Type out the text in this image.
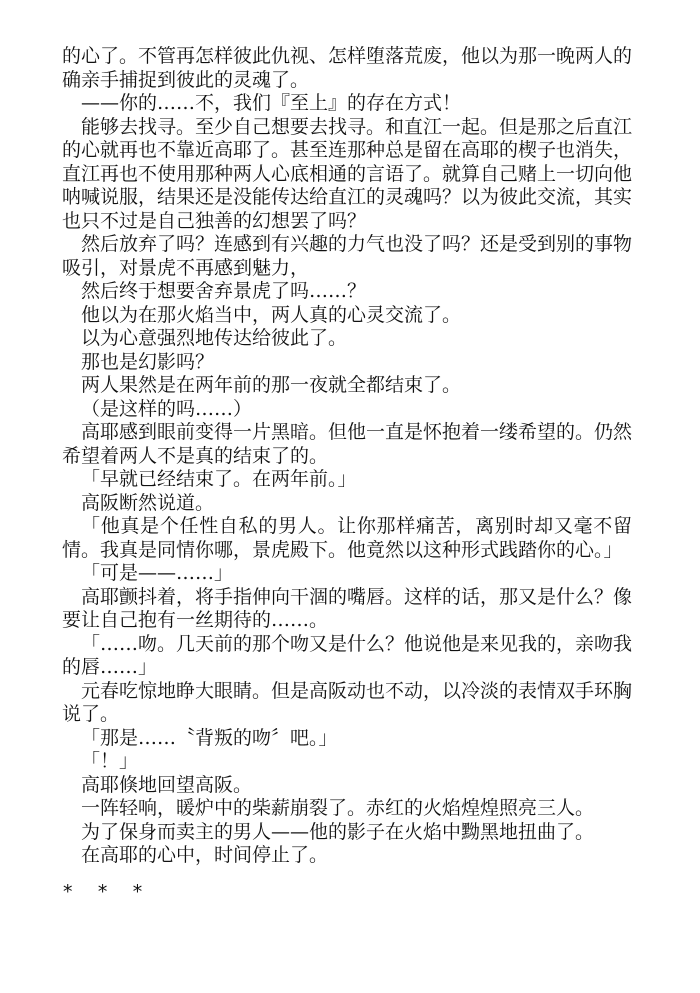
的心了。不管再怎样彼此仇视、怎样堕落荒废，他以为那一晚两人的确亲手捕捉到彼此的灵魂了。

——你的……不，我们『至上』的存在方式！

能够去找寻。至少自己想要去找寻。和直江一起。但是那之后直江的心就再也不靠近高耶了。甚至连那种总是留在高耶的楔子也消失，直江再也不使用那种两人心底相通的言语了。就算自己赌上一切向他呐喊说服，结果还是没能传达给直江的灵魂吗？以为彼此交流，其实也只不过是自己独善的幻想罢了吗？

然后放弃了吗？连感到有兴趣的力气也没了吗？还是受到别的事物吸引，对景虎不再感到魅力，

然后终于想要舍弃景虎了吗……？

他以为在那火焰当中，两人真的心灵交流了。

以为心意强烈地传达给彼此了。

那也是幻影吗？

两人果然是在两年前的那一夜就全都结束了。

（是这样的吗……）

高耶感到眼前变得一片黑暗。但他一直是怀抱着一缕希望的。仍然希望着两人不是真的结束了的。

「早就已经结束了。在两年前。」

高阪断然说道。

「他真是个任性自私的男人。让你那样痛苦，离别时却又毫不留情。我真是同情你哪，景虎殿下。他竟然以这种形式践踏你的心。」

「可是——……」

高耶颤抖着，将手指伸向干涸的嘴唇。这样的话，那又是什么？像要让自己抱有一丝期待的……。

「……吻。几天前的那个吻又是什么？他说他是来见我的，亲吻我的唇……」

元春吃惊地睁大眼睛。但是高阪动也不动，以冷淡的表情双手环胸说了。

「那是……〝背叛的吻〞吧。」

「！」

高耶倏地回望高阪。

一阵轻响，暖炉中的柴薪崩裂了。赤红的火焰煌煌照亮三人。

为了保身而卖主的男人——他的影子在火焰中黝黑地扭曲了。

在高耶的心中，时间停止了。

* * *
